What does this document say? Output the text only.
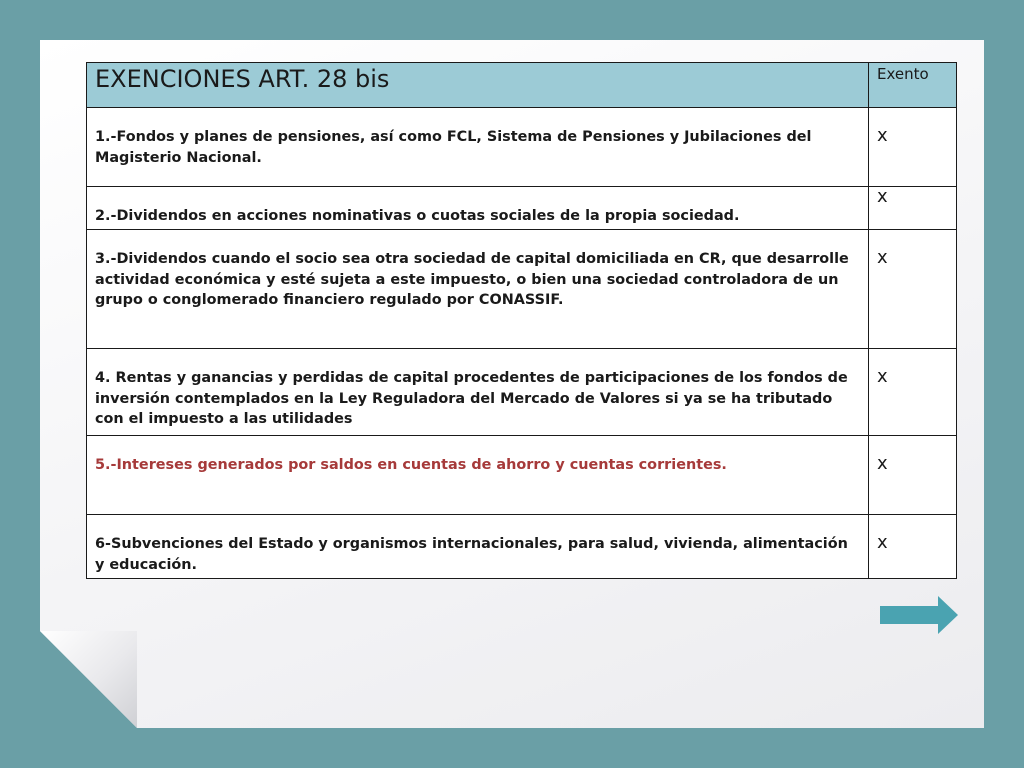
EXENCIONES ART. 28 bis	Exento
1.-Fondos y planes de pensiones, así como FCL, Sistema de Pensiones y Jubilaciones del Magisterio Nacional.	x
2.-Dividendos en acciones nominativas o cuotas sociales de la propia sociedad.	x
3.-Dividendos cuando el socio sea otra sociedad de capital domiciliada en CR, que desarrolle actividad económica y esté sujeta a este impuesto, o bien una sociedad controladora de un grupo o conglomerado financiero regulado por CONASSIF.	x
4. Rentas y ganancias y perdidas de capital procedentes de participaciones de los fondos de inversión contemplados en la Ley Reguladora del Mercado de Valores si ya se ha tributado con el impuesto a las utilidades	x
5.-Intereses generados por saldos en cuentas de ahorro y cuentas corrientes.	x
6-Subvenciones del Estado y organismos internacionales, para salud, vivienda, alimentación y educación.	x
